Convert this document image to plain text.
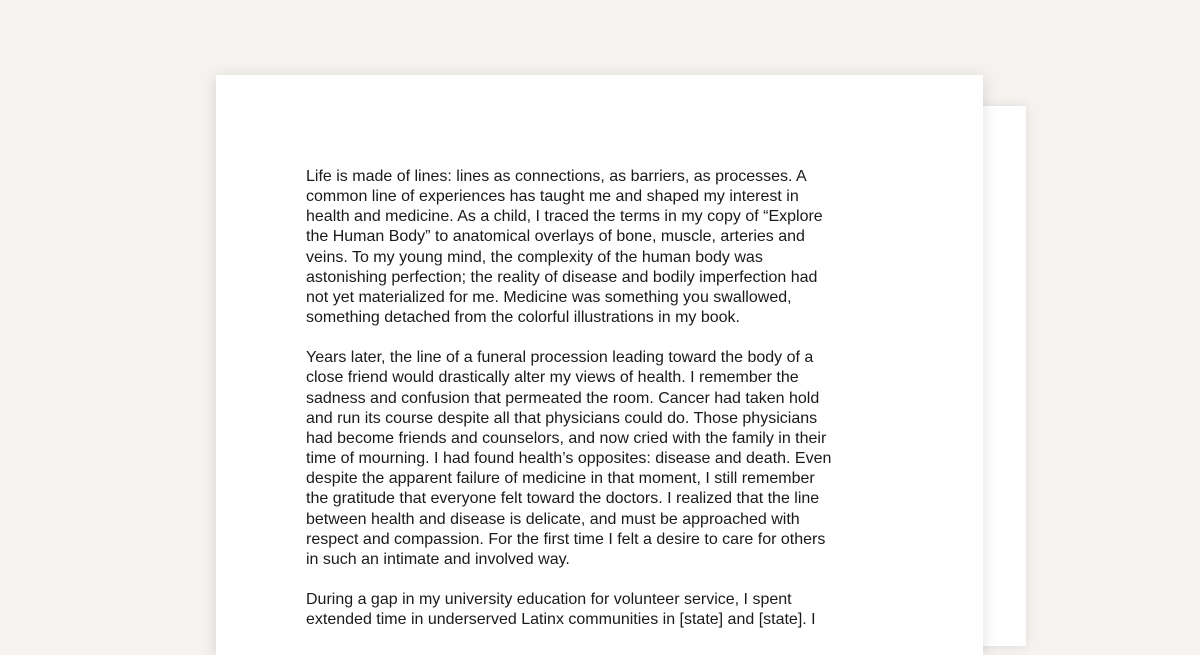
Life is made of lines: lines as connections, as barriers, as processes. A
common line of experiences has taught me and shaped my interest in
health and medicine. As a child, I traced the terms in my copy of “Explore
the Human Body” to anatomical overlays of bone, muscle, arteries and
veins. To my young mind, the complexity of the human body was
astonishing perfection; the reality of disease and bodily imperfection had
not yet materialized for me. Medicine was something you swallowed,
something detached from the colorful illustrations in my book.

Years later, the line of a funeral procession leading toward the body of a
close friend would drastically alter my views of health. I remember the
sadness and confusion that permeated the room. Cancer had taken hold
and run its course despite all that physicians could do. Those physicians
had become friends and counselors, and now cried with the family in their
time of mourning. I had found health’s opposites: disease and death. Even
despite the apparent failure of medicine in that moment, I still remember
the gratitude that everyone felt toward the doctors. I realized that the line
between health and disease is delicate, and must be approached with
respect and compassion. For the first time I felt a desire to care for others
in such an intimate and involved way.

During a gap in my university education for volunteer service, I spent
extended time in underserved Latinx communities in [state] and [state]. I
